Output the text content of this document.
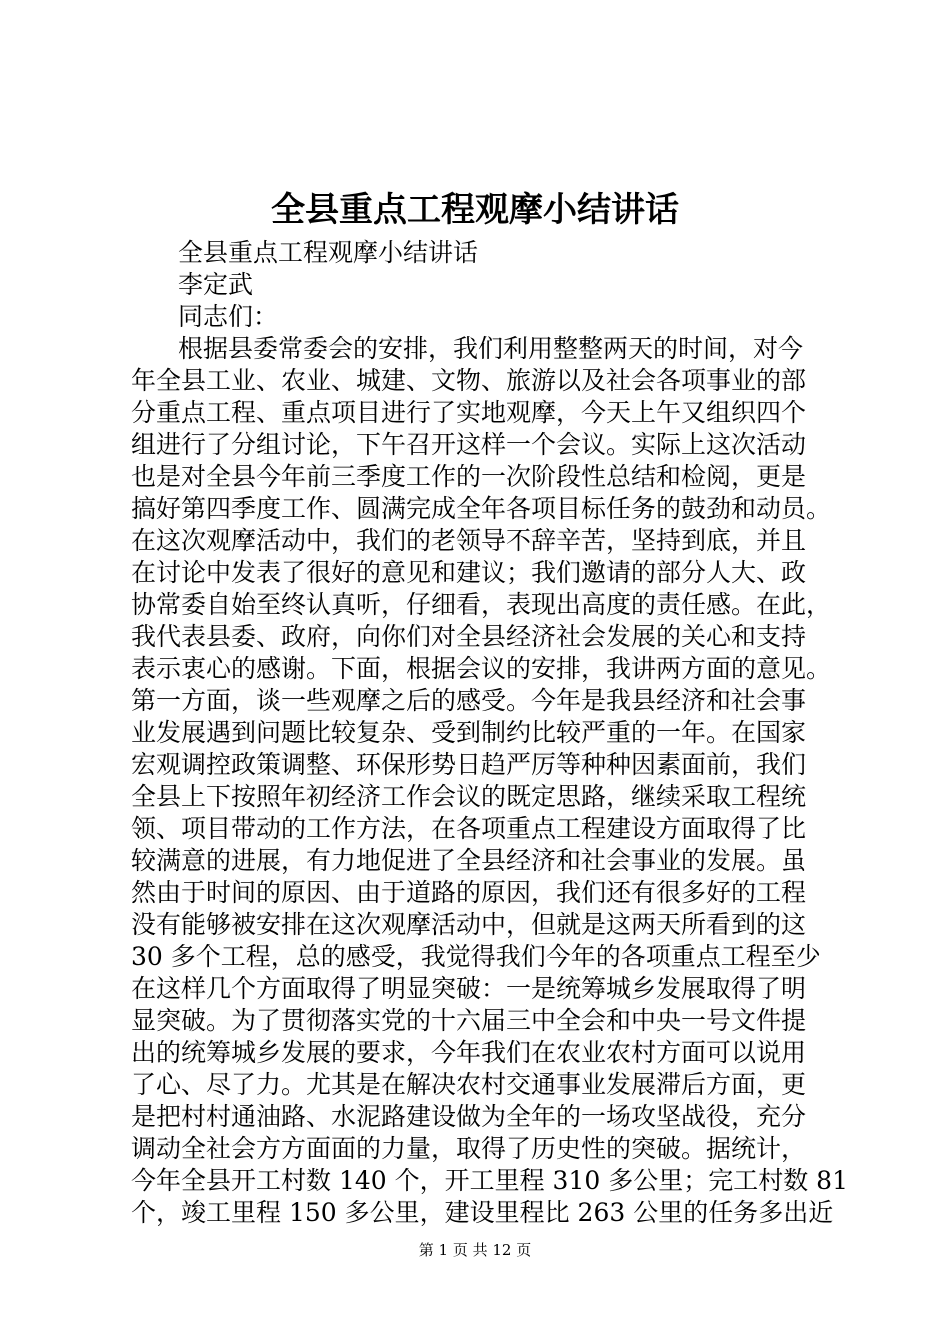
全县重点工程观摩小结讲话
全县重点工程观摩小结讲话
李定武
同志们：
根据县委常委会的安排，我们利用整整两天的时间，对今
年全县工业、农业、城建、文物、旅游以及社会各项事业的部
分重点工程、重点项目进行了实地观摩，今天上午又组织四个
组进行了分组讨论，下午召开这样一个会议。实际上这次活动
也是对全县今年前三季度工作的一次阶段性总结和检阅，更是
搞好第四季度工作、圆满完成全年各项目标任务的鼓劲和动员。
在这次观摩活动中，我们的老领导不辞辛苦，坚持到底，并且
在讨论中发表了很好的意见和建议；我们邀请的部分人大、政
协常委自始至终认真听，仔细看，表现出高度的责任感。在此，
我代表县委、政府，向你们对全县经济社会发展的关心和支持
表示衷心的感谢。下面，根据会议的安排，我讲两方面的意见。
第一方面，谈一些观摩之后的感受。今年是我县经济和社会事
业发展遇到问题比较复杂、受到制约比较严重的一年。在国家
宏观调控政策调整、环保形势日趋严厉等种种因素面前，我们
全县上下按照年初经济工作会议的既定思路，继续采取工程统
领、项目带动的工作方法，在各项重点工程建设方面取得了比
较满意的进展，有力地促进了全县经济和社会事业的发展。虽
然由于时间的原因、由于道路的原因，我们还有很多好的工程
没有能够被安排在这次观摩活动中，但就是这两天所看到的这
30 多个工程，总的感受，我觉得我们今年的各项重点工程至少
在这样几个方面取得了明显突破：一是统筹城乡发展取得了明
显突破。为了贯彻落实党的十六届三中全会和中央一号文件提
出的统筹城乡发展的要求，今年我们在农业农村方面可以说用
了心、尽了力。尤其是在解决农村交通事业发展滞后方面，更
是把村村通油路、水泥路建设做为全年的一场攻坚战役，充分
调动全社会方方面面的力量，取得了历史性的突破。据统计，
今年全县开工村数 140 个，开工里程 310 多公里；完工村数 81
个，竣工里程 150 多公里，建设里程比 263 公里的任务多出近
第 1 页 共 12 页
